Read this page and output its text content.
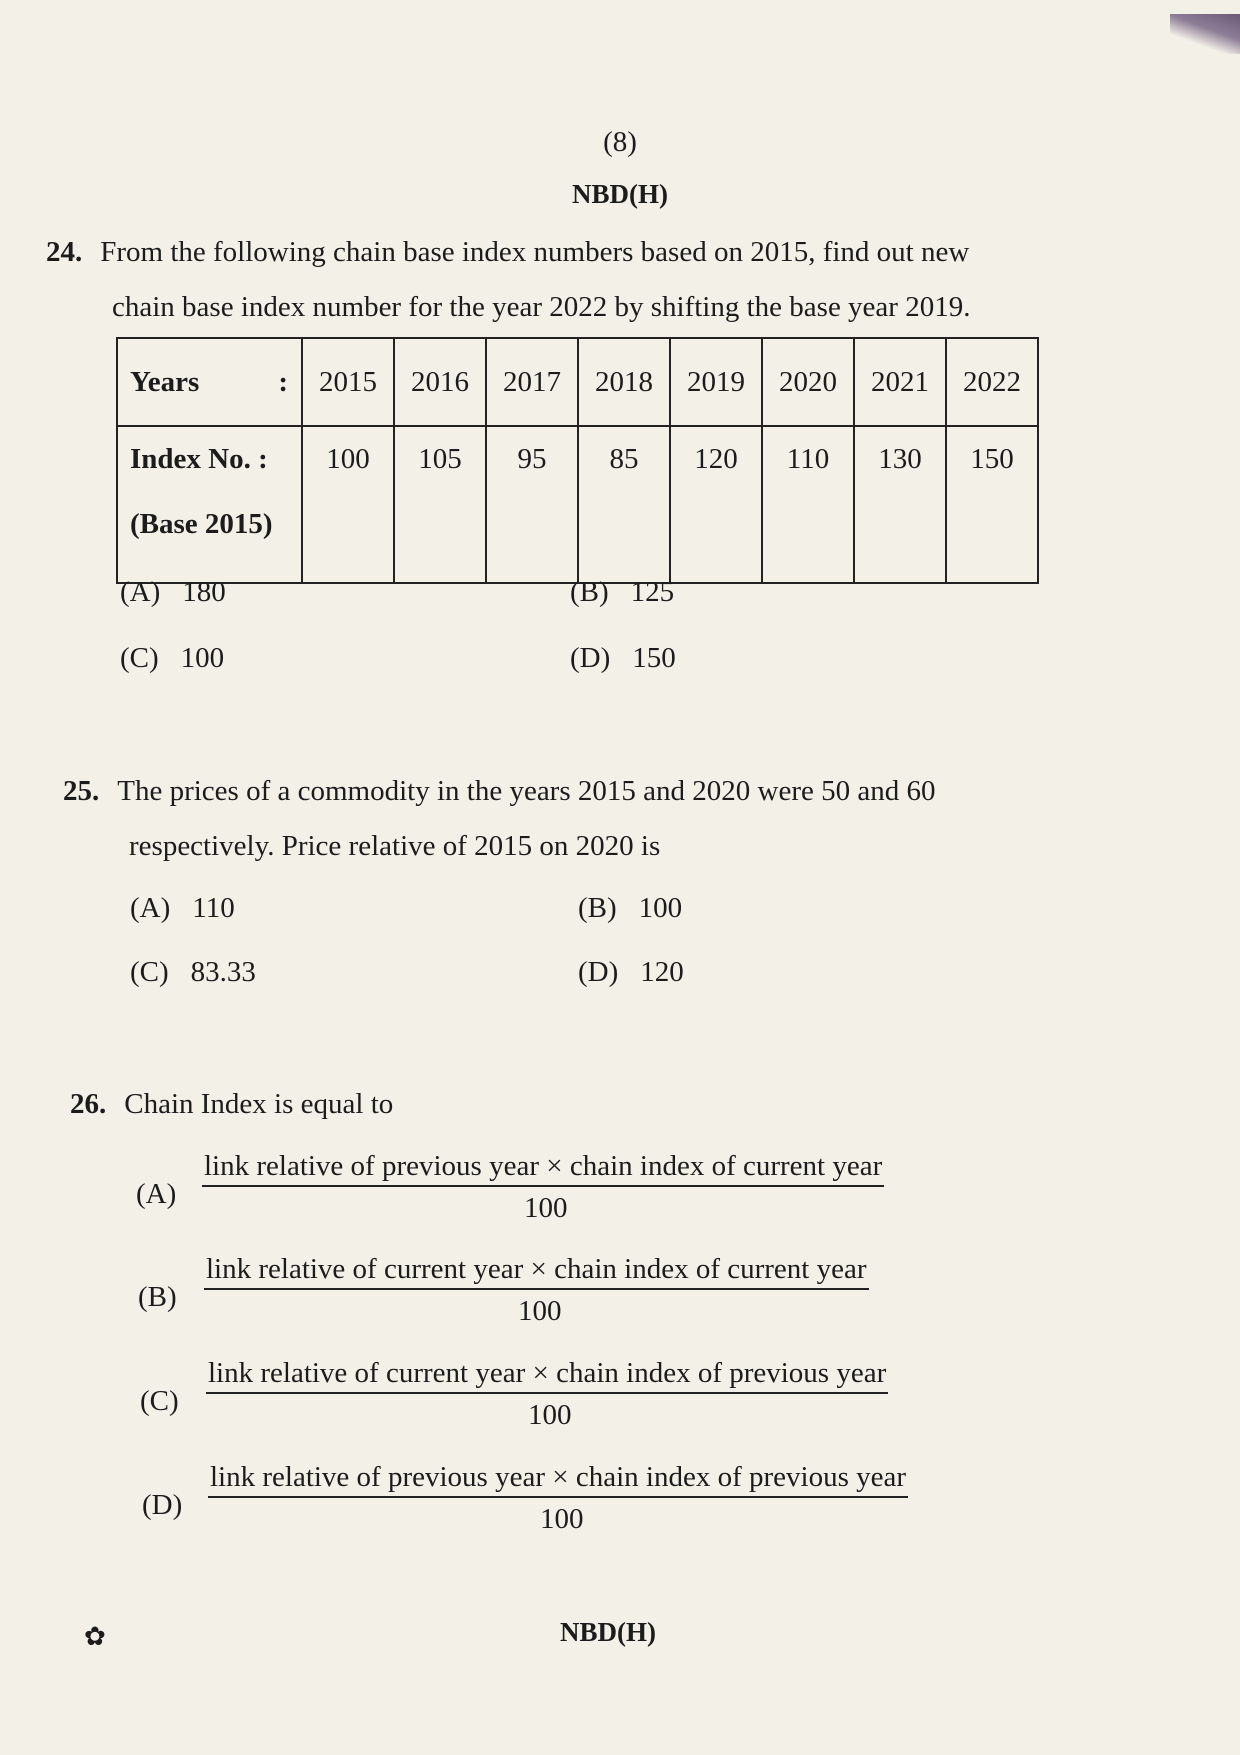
(8)
NBD(H)
24. From the following chain base index numbers based on 2015, find out new
chain base index number for the year 2022 by shifting the base year 2019.
Years :	2015	2016	2017	2018	2019	2020	2021	2022
Index No. :
(Base 2015)	100	105	95	85	120	110	130	150
(A) 180	(B) 125
(C) 100	(D) 150
25. The prices of a commodity in the years 2015 and 2020 were 50 and 60
respectively. Price relative of 2015 on 2020 is
(A) 110	(B) 100
(C) 83.33	(D) 120
26. Chain Index is equal to
(A)
link relative of previous year × chain index of current year
100
(B)
link relative of current year × chain index of current year
100
(C)
link relative of current year × chain index of previous year
100
(D)
link relative of previous year × chain index of previous year
100
✿	NBD(H)
